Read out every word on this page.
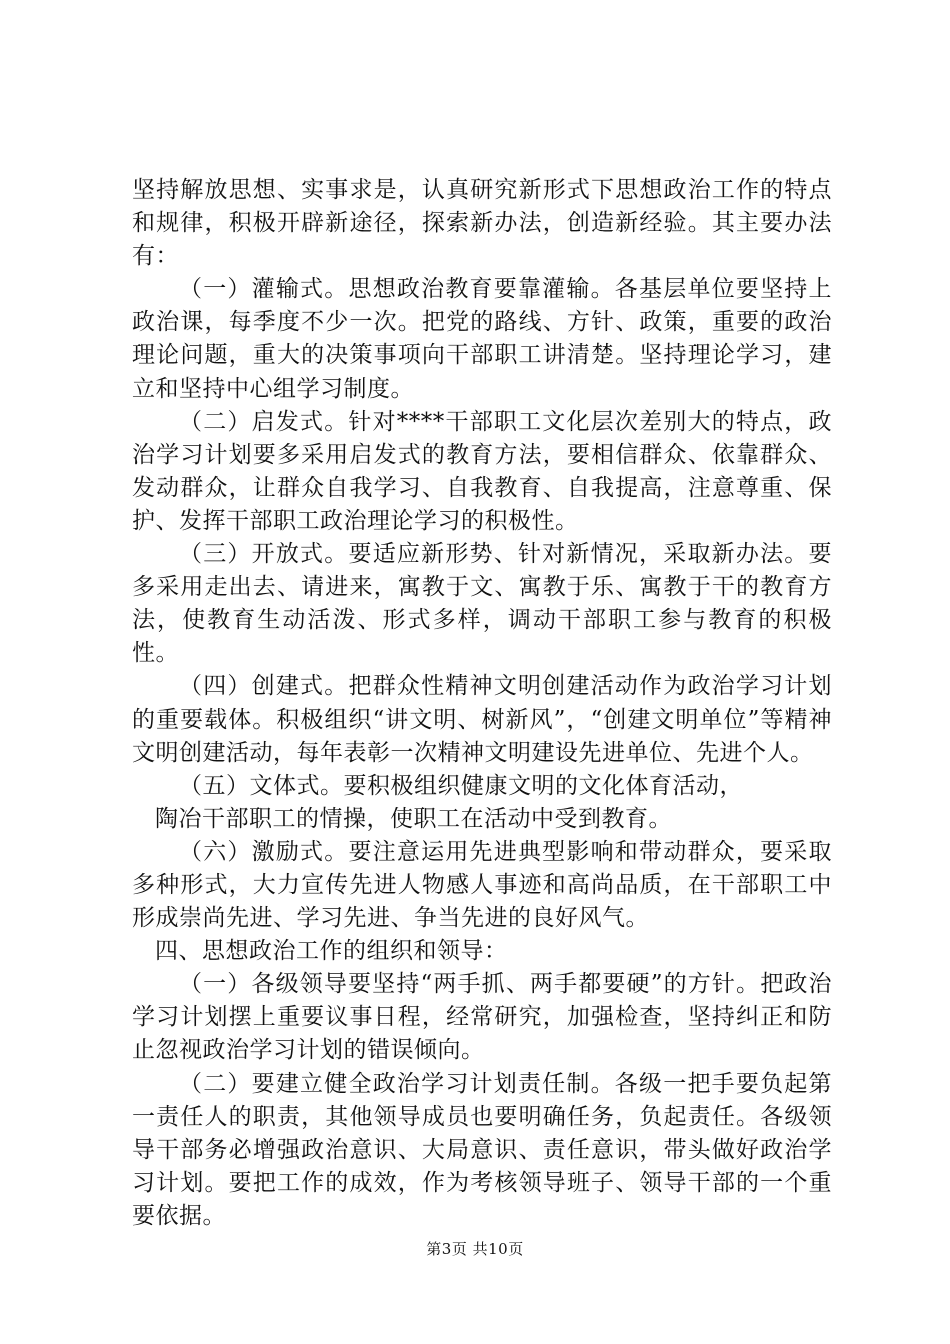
坚持解放思想、实事求是，认真研究新形式下思想政治工作的特点和规律，积极开辟新途径，探索新办法，创造新经验。其主要办法有：

（一）灌输式。思想政治教育要靠灌输。各基层单位要坚持上政治课，每季度不少一次。把党的路线、方针、政策，重要的政治理论问题，重大的决策事项向干部职工讲清楚。坚持理论学习，建立和坚持中心组学习制度。

（二）启发式。针对****干部职工文化层次差别大的特点，政治学习计划要多采用启发式的教育方法，要相信群众、依靠群众、发动群众，让群众自我学习、自我教育、自我提高，注意尊重、保护、发挥干部职工政治理论学习的积极性。

（三）开放式。要适应新形势、针对新情况，采取新办法。要多采用走出去、请进来，寓教于文、寓教于乐、寓教于干的教育方法，使教育生动活泼、形式多样，调动干部职工参与教育的积极性。

（四）创建式。把群众性精神文明创建活动作为政治学习计划的重要载体。积极组织“讲文明、树新风”，“创建文明单位”等精神文明创建活动，每年表彰一次精神文明建设先进单位、先进个人。

（五）文体式。要积极组织健康文明的文化体育活动，

陶冶干部职工的情操，使职工在活动中受到教育。

（六）激励式。要注意运用先进典型影响和带动群众，要采取多种形式，大力宣传先进人物感人事迹和高尚品质，在干部职工中形成崇尚先进、学习先进、争当先进的良好风气。

四、思想政治工作的组织和领导：

（一）各级领导要坚持“两手抓、两手都要硬”的方针。把政治学习计划摆上重要议事日程，经常研究，加强检查，坚持纠正和防止忽视政治学习计划的错误倾向。

（二）要建立健全政治学习计划责任制。各级一把手要负起第一责任人的职责，其他领导成员也要明确任务，负起责任。各级领导干部务必增强政治意识、大局意识、责任意识，带头做好政治学习计划。要把工作的成效，作为考核领导班子、领导干部的一个重要依据。

第3页 共10页
